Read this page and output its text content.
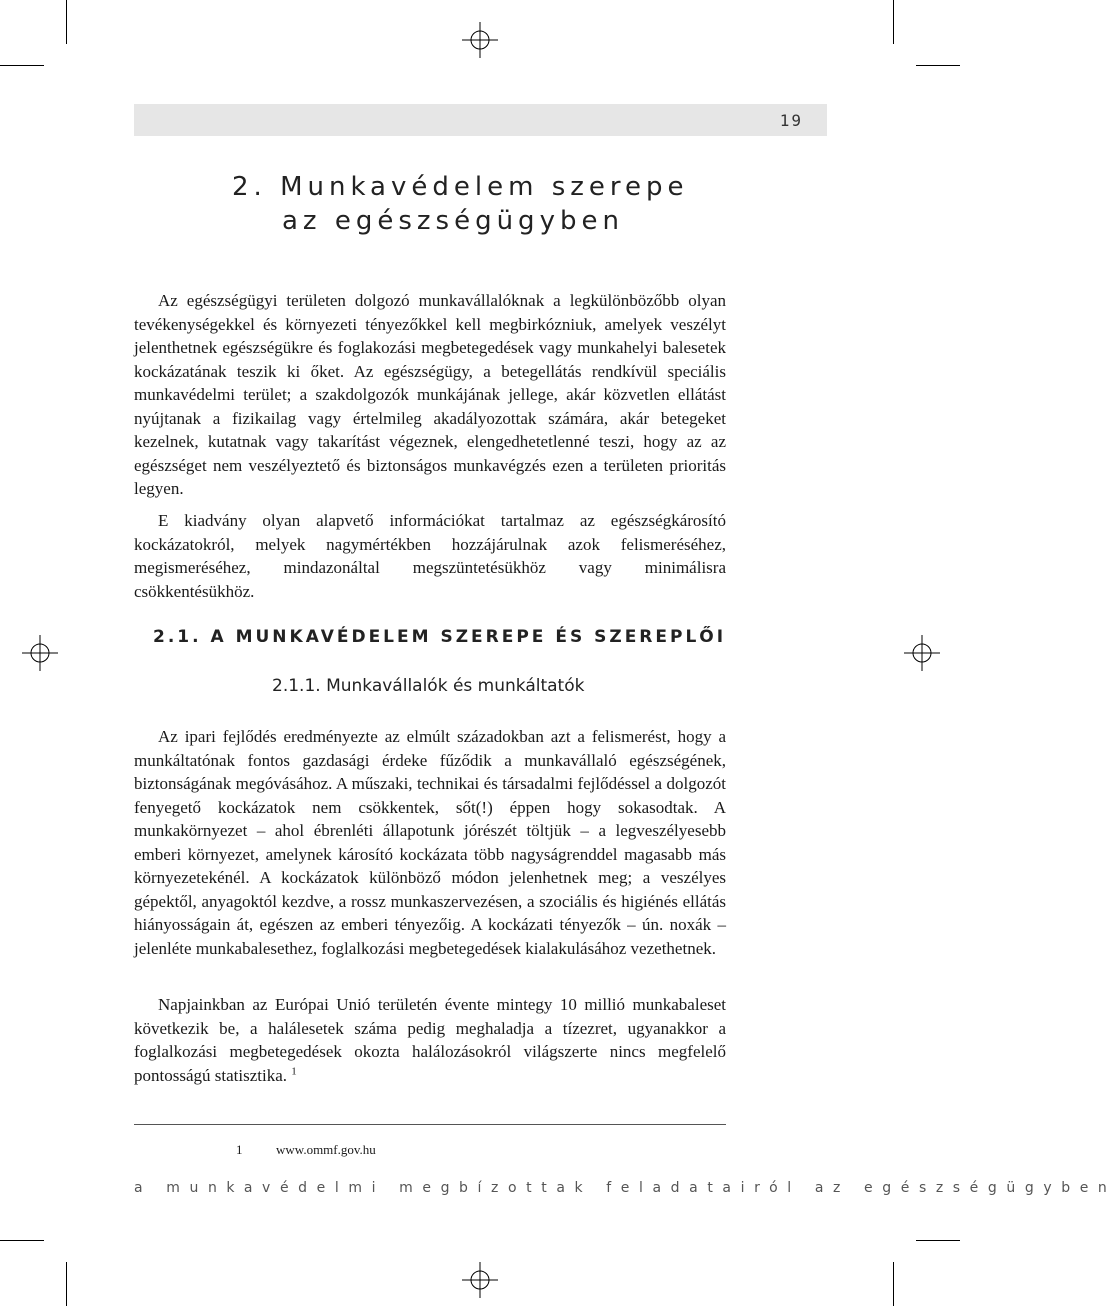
19
2. Munkavédelem szerepe
az egészségügyben

Az egészségügyi területen dolgozó munkavállalóknak a legkülönbözőbb olyan tevékenységekkel és környezeti tényezőkkel kell megbirkózniuk, amelyek veszélyt jelenthetnek egészségükre és foglakozási megbetegedések vagy munkahelyi balesetek kockázatának teszik ki őket. Az egészségügy, a betegellátás rendkívül speciális munkavédelmi terület; a szakdolgozók munkájának jellege, akár közvetlen ellátást nyújtanak a fizikailag vagy értelmileg akadályozottak számára, akár betegeket kezelnek, kutatnak vagy takarítást végeznek, elengedhetetlenné teszi, hogy az az egészséget nem veszélyeztető és biztonságos munkavégzés ezen a területen prioritás legyen.

E kiadvány olyan alapvető információkat tartalmaz az egészségkárosító kockázatokról, melyek nagymértékben hozzájárulnak azok felismeréséhez, megismeréséhez, mindazonáltal megszüntetésükhöz vagy minimálisra csökkentésükhöz.

2.1. A MUNKAVÉDELEM SZEREPE ÉS SZEREPLŐI
2.1.1. Munkavállalók és munkáltatók

Az ipari fejlődés eredményezte az elmúlt századokban azt a felismerést, hogy a munkáltatónak fontos gazdasági érdeke fűződik a munkavállaló egészségének, biztonságának megóvásához. A műszaki, technikai és társadalmi fejlődéssel a dolgozót fenyegető kockázatok nem csökkentek, sőt(!) éppen hogy sokasodtak. A munkakörnyezet – ahol ébrenléti állapotunk jórészét töltjük – a legveszélyesebb emberi környezet, amelynek károsító kockázata több nagyságrenddel magasabb más környezetekénél. A kockázatok különböző módon jelenhetnek meg; a veszélyes gépektől, anyagoktól kezdve, a rossz munkaszervezésen, a szociális és higiénés ellátás hiányosságain át, egészen az emberi tényezőig. A kockázati tényezők – ún. noxák – jelenléte munkabalesethez, foglalkozási megbetegedések kialakulásához vezethetnek.

Napjainkban az Európai Unió területén évente mintegy 10 millió munkabaleset következik be, a halálesetek száma pedig meghaladja a tízezret, ugyanakkor a foglalkozási megbetegedések okozta halálozásokról világszerte nincs megfelelő pontosságú statisztika. $^1$

1	www.ommf.gov.hu
a munkavédelmi megbízottak feladatairól az egészségügyben
